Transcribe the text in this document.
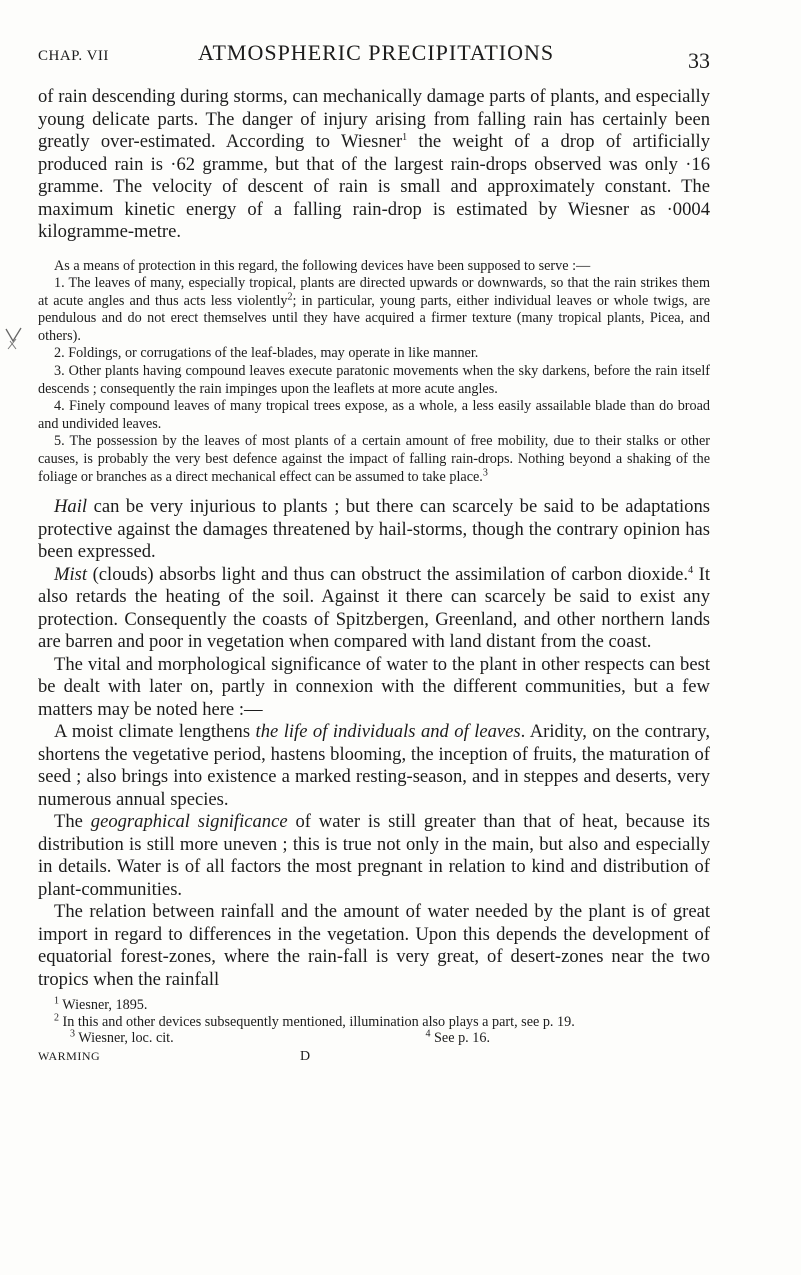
CHAP. VII	ATMOSPHERIC PRECIPITATIONS	33

of rain descending during storms, can mechanically damage parts of plants, and especially young delicate parts. The danger of injury arising from falling rain has certainly been greatly over-estimated. According to Wiesner$^1$ the weight of a drop of artificially produced rain is ·62 gramme, but that of the largest rain-drops observed was only ·16 gramme. The velocity of descent of rain is small and approximately constant. The maximum kinetic energy of a falling rain-drop is estimated by Wiesner as ·0004 kilogramme-metre.

As a means of protection in this regard, the following devices have been supposed to serve :—

1. The leaves of many, especially tropical, plants are directed upwards or downwards, so that the rain strikes them at acute angles and thus acts less violently$^2$; in particular, young parts, either individual leaves or whole twigs, are pendulous and do not erect themselves until they have acquired a firmer texture (many tropical plants, Picea, and others).

2. Foldings, or corrugations of the leaf-blades, may operate in like manner.

3. Other plants having compound leaves execute paratonic movements when the sky darkens, before the rain itself descends ; consequently the rain impinges upon the leaflets at more acute angles.

4. Finely compound leaves of many tropical trees expose, as a whole, a less easily assailable blade than do broad and undivided leaves.

5. The possession by the leaves of most plants of a certain amount of free mobility, due to their stalks or other causes, is probably the very best defence against the impact of falling rain-drops. Nothing beyond a shaking of the foliage or branches as a direct mechanical effect can be assumed to take place.$^3$

Hail can be very injurious to plants ; but there can scarcely be said to be adaptations protective against the damages threatened by hail-storms, though the contrary opinion has been expressed.

Mist (clouds) absorbs light and thus can obstruct the assimilation of carbon dioxide.$^4$ It also retards the heating of the soil. Against it there can scarcely be said to exist any protection. Consequently the coasts of Spitzbergen, Greenland, and other northern lands are barren and poor in vegetation when compared with land distant from the coast.

The vital and morphological significance of water to the plant in other respects can best be dealt with later on, partly in connexion with the different communities, but a few matters may be noted here :—

A moist climate lengthens the life of individuals and of leaves. Aridity, on the contrary, shortens the vegetative period, hastens blooming, the inception of fruits, the maturation of seed ; also brings into existence a marked resting-season, and in steppes and deserts, very numerous annual species.

The geographical significance of water is still greater than that of heat, because its distribution is still more uneven ; this is true not only in the main, but also and especially in details. Water is of all factors the most pregnant in relation to kind and distribution of plant-communities.

The relation between rainfall and the amount of water needed by the plant is of great import in regard to differences in the vegetation. Upon this depends the development of equatorial forest-zones, where the rain-fall is very great, of desert-zones near the two tropics when the rainfall

$^1$ Wiesner, 1895.

$^2$ In this and other devices subsequently mentioned, illumination also plays a part, see p. 19.

$^3$ Wiesner, loc. cit.	$^4$ See p. 16.
WARMING	D
